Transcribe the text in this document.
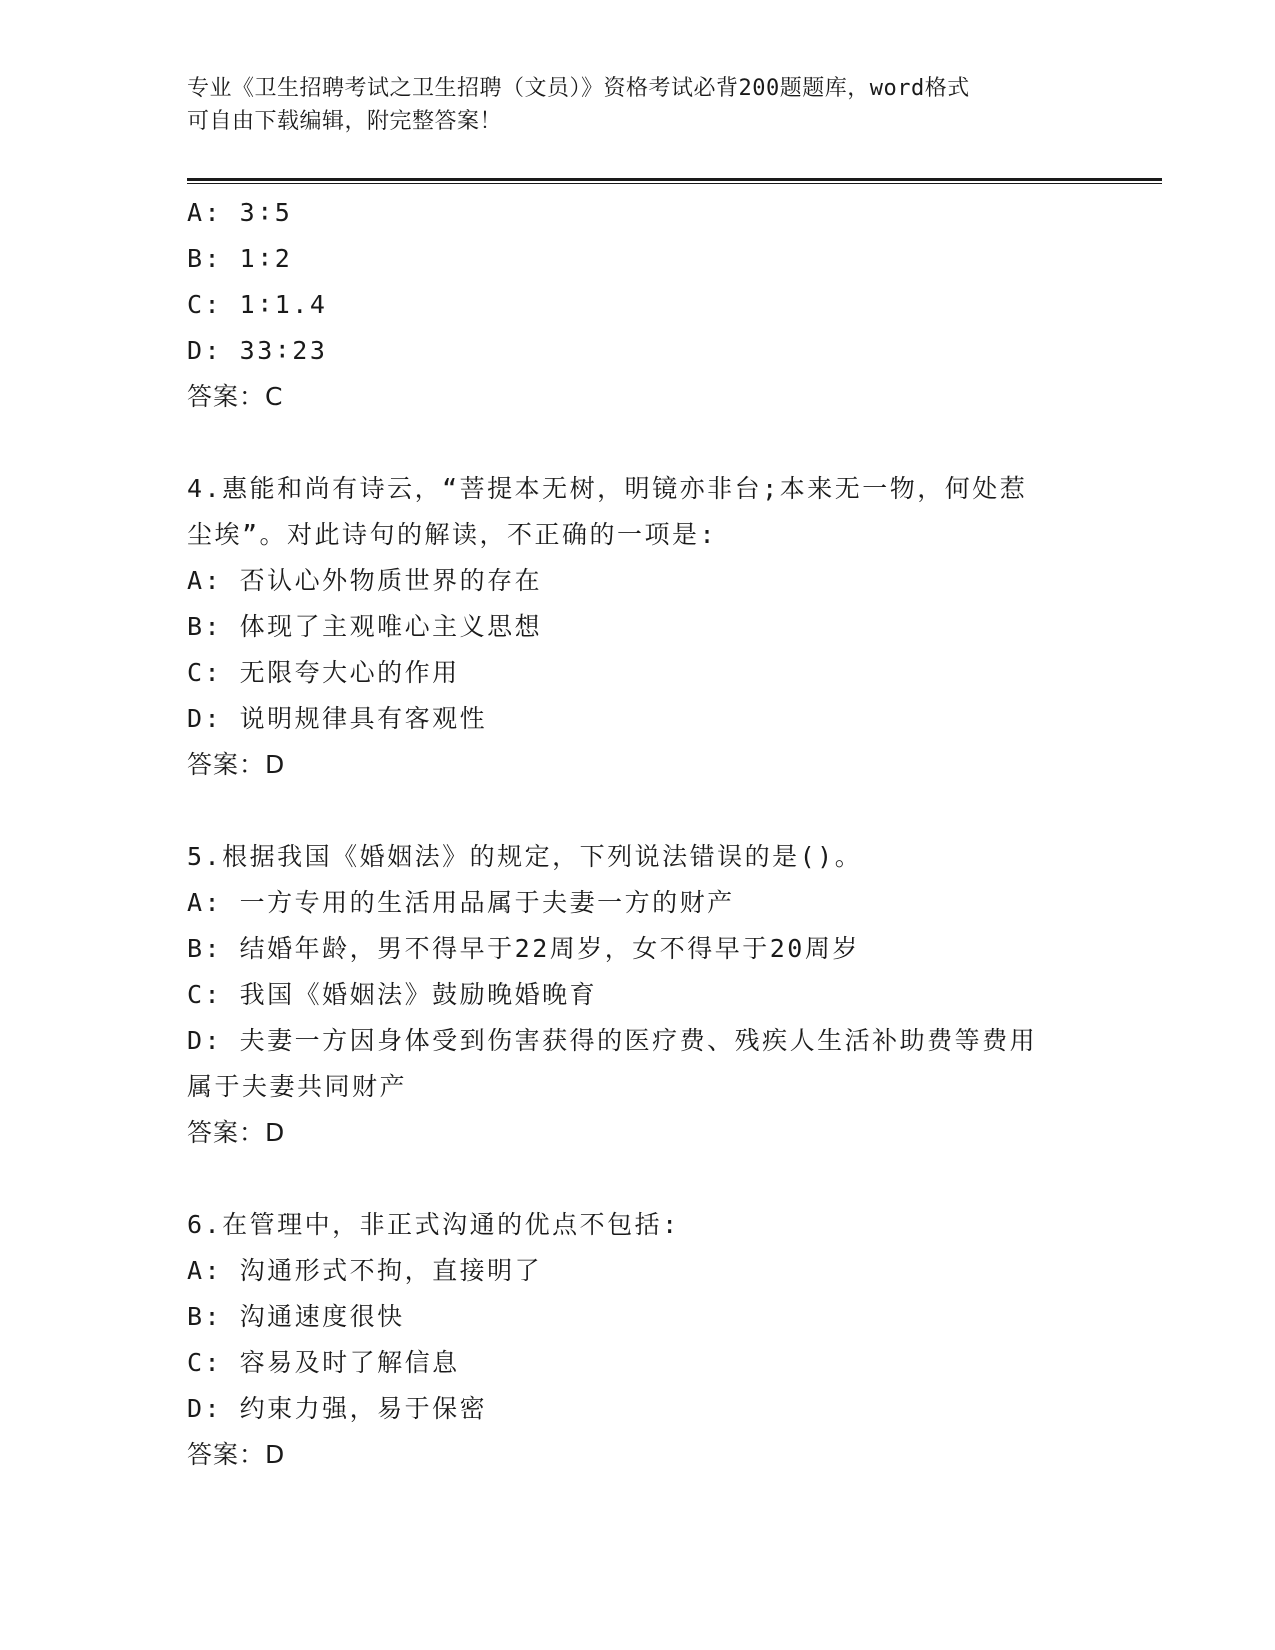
专业《卫生招聘考试之卫生招聘（文员）》资格考试必背200题题库，word格式
可自由下载编辑，附完整答案！
A: 3∶5
B: 1∶2
C: 1∶1.4
D: 33∶23
答案：C
4.惠能和尚有诗云，“菩提本无树，明镜亦非台;本来无一物，何处惹
尘埃”。对此诗句的解读，不正确的一项是:
A: 否认心外物质世界的存在
B: 体现了主观唯心主义思想
C: 无限夸大心的作用
D: 说明规律具有客观性
答案：D
5.根据我国《婚姻法》的规定，下列说法错误的是()。
A: 一方专用的生活用品属于夫妻一方的财产
B: 结婚年龄，男不得早于22周岁，女不得早于20周岁
C: 我国《婚姻法》鼓励晚婚晚育
D: 夫妻一方因身体受到伤害获得的医疗费、残疾人生活补助费等费用
属于夫妻共同财产
答案：D
6.在管理中，非正式沟通的优点不包括:
A: 沟通形式不拘，直接明了
B: 沟通速度很快
C: 容易及时了解信息
D: 约束力强，易于保密
答案：D
